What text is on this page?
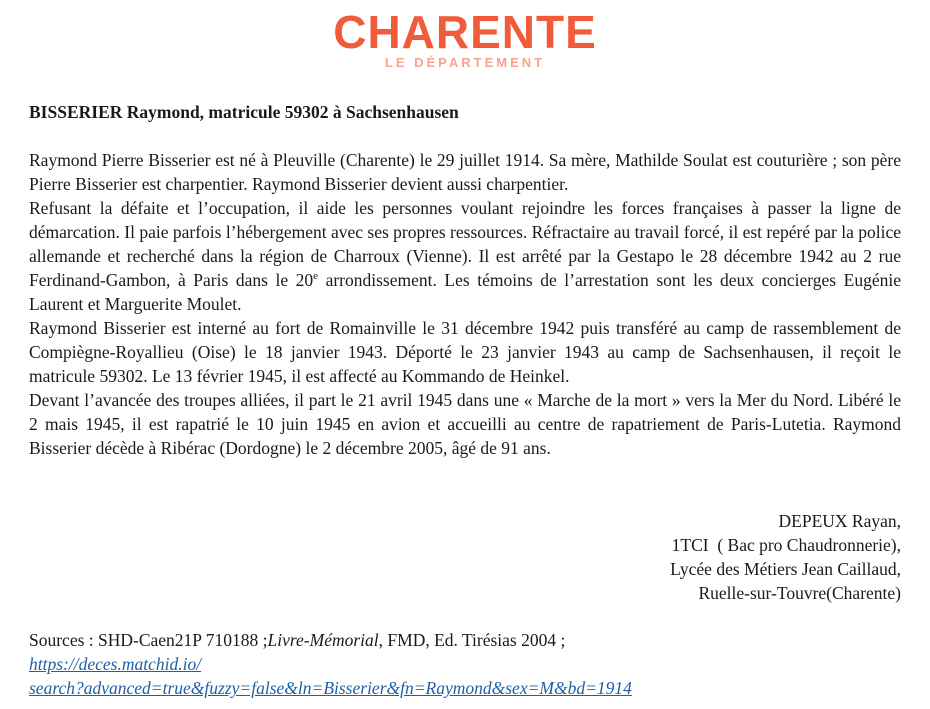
CHARENTE
LE DÉPARTEMENT
BISSERIER Raymond, matricule 59302 à Sachsenhausen

Raymond Pierre Bisserier est né à Pleuville (Charente) le 29 juillet 1914. Sa mère, Mathilde Soulat est couturière ; son père Pierre Bisserier est charpentier. Raymond Bisserier devient aussi charpentier.

Refusant la défaite et l’occupation, il aide les personnes voulant rejoindre les forces françaises à passer la ligne de démarcation. Il paie parfois l’hébergement avec ses propres ressources. Réfractaire au travail forcé, il est repéré par la police allemande et recherché dans la région de Charroux (Vienne). Il est arrêté par la Gestapo le 28 décembre 1942 au 2 rue Ferdinand-Gambon, à Paris dans le 20e arrondissement. Les témoins de l’arrestation sont les deux concierges Eugénie Laurent et Marguerite Moulet.

Raymond Bisserier est interné au fort de Romainville le 31 décembre 1942 puis transféré au camp de rassemblement de Compiègne-Royallieu (Oise) le 18 janvier 1943. Déporté le 23 janvier 1943 au camp de Sachsenhausen, il reçoit le matricule 59302. Le 13 février 1945, il est affecté au Kommando de Heinkel.

Devant l’avancée des troupes alliées, il part le 21 avril 1945 dans une « Marche de la mort » vers la Mer du Nord. Libéré le 2 mais 1945, il est rapatrié le 10 juin 1945 en avion et accueilli au centre de rapatriement de Paris-Lutetia. Raymond Bisserier décède à Ribérac (Dordogne) le 2 décembre 2005, âgé de 91 ans.

DEPEUX Rayan,
1TCI  ( Bac pro Chaudronnerie),
Lycée des Métiers Jean Caillaud,
Ruelle-sur-Touvre(Charente)
Sources : SHD-Caen21P 710188 ;Livre-Mémorial, FMD, Ed. Tirésias 2004 ;
https://deces.matchid.io/
search?advanced=true&fuzzy=false&ln=Bisserier&fn=Raymond&sex=M&bd=1914
